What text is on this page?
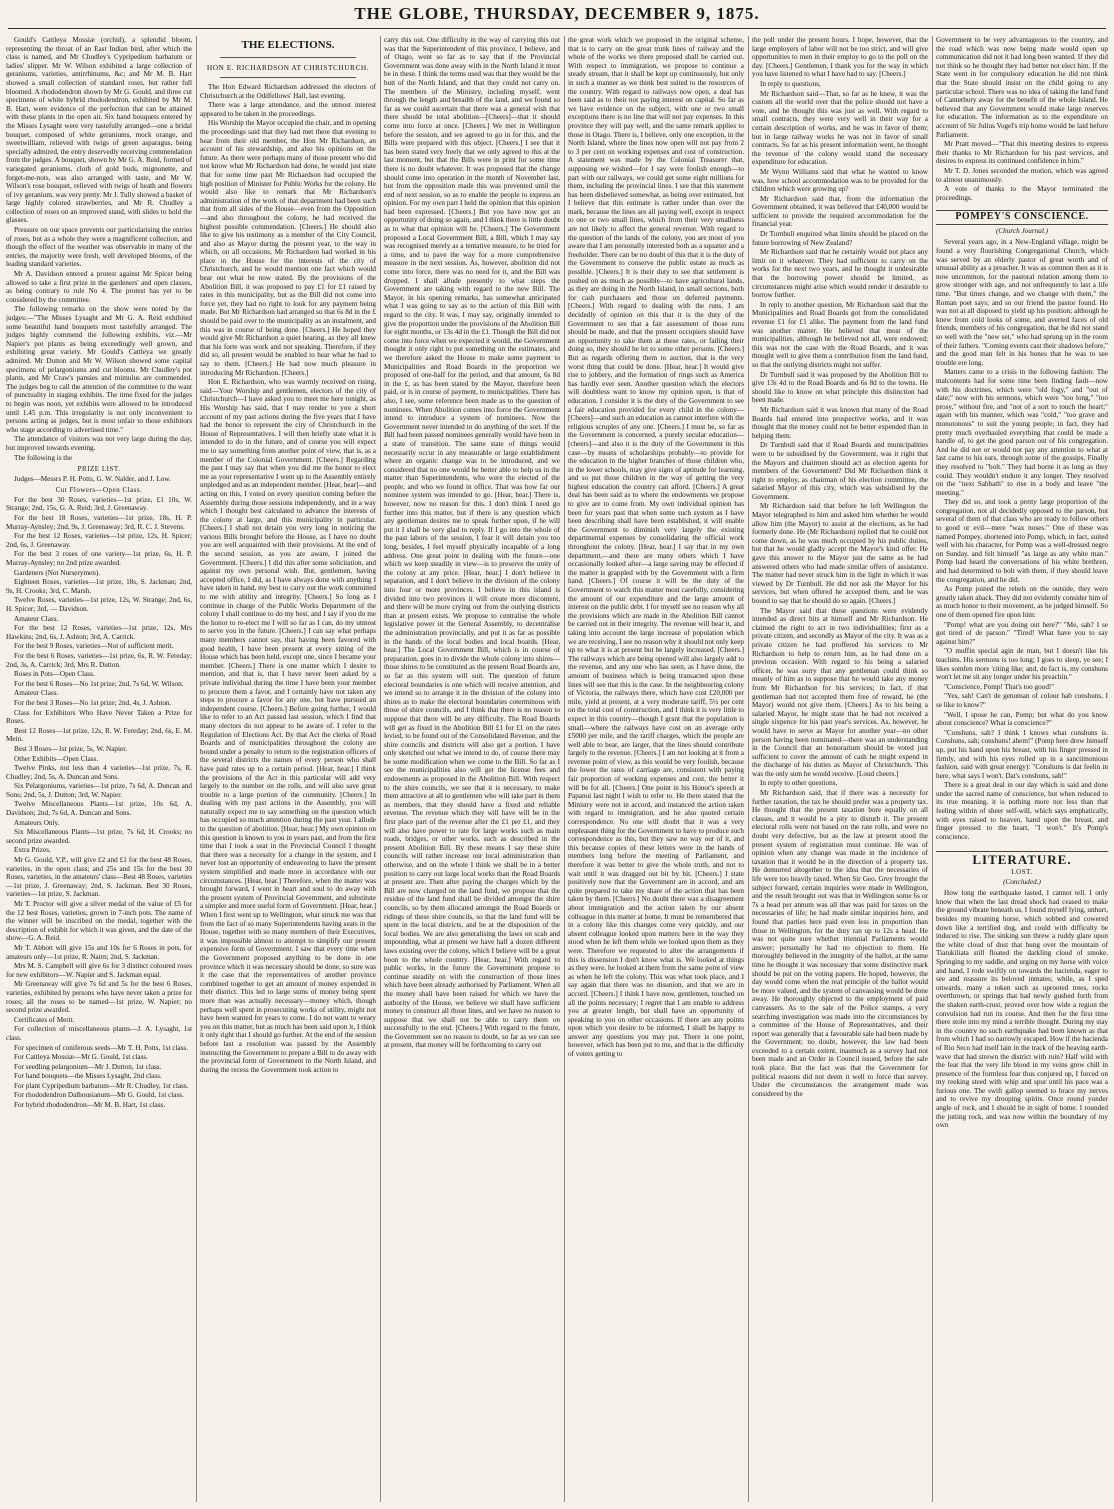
THE GLOBE, THURSDAY, DECEMBER 9, 1875.

Gould's Cattleya Mossiæ (orchid), a splendid bloom, representing the throat of an East Indian bird, after which the class is named, and Mr Chudley's Cypripedium barbatum or ladies' slipper. Mr W. Wilson exhibited a large collection of geraniums, varieties, antirrhinums, &c; and Mr M. B. Hart showed a small collection of standard roses, but rather full bloomed. A rhododendron shown by Mr G. Gould, and three cut specimens of white hybrid rhododendron, exhibited by Mr M. B. Hart, were evidence of the perfection that can be attained with these plants in the open air. Six hand bouquets entered by the Misses Lysaght were very tastefully arranged—one a bridal bouquet, composed of white geraniums, mock orange, and sweetwilliam, relieved with twigs of green asparagus, being specially admired, the entry deservedly receiving commendation from the judges. A bouquet, shown by Mr G. A. Reid, formed of variegated geraniums, cloth of gold buds, mignonette, and forget-me-nots, was also arranged with taste, and Mr W. Wilson's rose bouquet, relieved with twigs of heath and flowers of ivy geranium, was very pretty. Mr J. Tully showed a basket of large highly colored strawberries, and Mr R. Chudley a collection of roses on an improved stand, with slides to hold the glasses.

Pressure on our space prevents our particularising the entries of roses, but as a whole they were a magnificent collection, and though the effect of the weather was observable in many of the entries, the majority were fresh, well developed blooms, of the leading standard varieties.

Mr A. Davidson entered a protest against Mr Spicer being allowed to take a first prize in the gardeners' and open classes, as being contrary to rule No 4. The protest has yet to be considered by the committee.

The following remarks on the show were noted by the judges:—"The Misses Lysaght and Mr G. A. Reid exhibited some beautiful hand bouquets most tastefully arranged. The judges highly commend the following exhibits, viz.—Mr Napier's pot plants as being exceedingly well grown, and exhibiting great variety. Mr Gould's Cattleya we greatly admired. Mr Dutton and Mr W. Wilson showed some capital specimens of pelargoniums and cut blooms. Mr Chudley's pot plants, and Mr Craw's pansies and mimulus are commended. The judges beg to call the attention of the committee to the want of punctuality in staging exhibits. The time fixed for the judges to begin was noon, yet exhibits were allowed to be introduced until 1.45 p.m. This irregularity is not only inconvenient to persons acting as judges, but is most unfair to those exhibitors who stage according to advertised time."

The attendance of visitors was not very large during the day, but improved towards evening.

The following is the

PRIZE LIST.

Judges—Messrs P. H. Potts, G. W. Nalder, and J. Low.

Cut Flowers—Open Class.

For the best 30 Roses, varieties—1st prize, £1 10s, W. Strange; 2nd, 15s, G. A. Reid; 3rd, J. Greenaway.

For the best 18 Roses, varieties—1st prize, 18s, H. P. Murray-Aynsley; 2nd, 9s, J. Greenaway; 3rd, R. C. J. Stevens.

For the best 12 Roses, varieties—1st prize, 12s, H. Spicer; 2nd, 6s, J. Greenaway.

For the best 3 roses of one variety—1st prize, 6s, H. P. Murray-Aynsley; no 2nd prize awarded.

Gardeners (Not Nurserymen).

Eighteen Roses, varieties—1st prize, 18s, S. Jackman; 2nd, 9s, H. Crooks; 3rd, C. Marsh.

Twelve Roses, varieties—1st prize, 12s, W. Strange; 2nd, 6s, H. Spicer; 3rd, — Davidson.

Amateur Class.

For the best 12 Roses, varieties—1st prize, 12s, Mrs Hawkins; 2nd, 6s, J. Ashton; 3rd, A. Carrick.

For the best 9 Roses, varieties—Not of sufficient merit.

For the best 6 Roses, varieties—1st prize, 6s, R. W. Fereday; 2nd, 3s, A. Carrick; 3rd, Mrs R. Dutton.

Roses in Pots—Open Class.

For the best 6 Roses—No 1st prize; 2nd, 7s 6d, W. Wilson.

Amateur Class.

For the best 3 Roses—No 1st prize; 2nd, 4s, J. Ashton.

Class for Exhibitors Who Have Never Taken a Prize for Roses.

Best 12 Roses—1st prize, 12s, R. W. Fereday; 2nd, 6s, E. M. Mein.

Best 3 Roses—1st prize, 5s, W. Napier.

Other Exhibits—Open Class.

Twelve Pinks, not less than 4 varieties—1st prize, 7s, R. Chudley; 2nd, 5s, A. Duncan and Sons.

Six Pelargoniums, varieties—1st prize, 7s 6d, A. Duncan and Sons; 2nd, 5s, J. Dutton; 3rd, W. Napier.

Twelve Miscellaneous Plants—1st prize, 10s 6d, A. Davidson; 2nd, 7s 6d, A. Duncan and Sons.

Amateurs Only.

Six Miscellaneous Plants—1st prize, 7s 6d, H. Crooks; no second prize awarded.

Extra Prizes.

Mr G. Gould, V.P., will give £2 and £1 for the best 48 Roses, varieties, in the open class; and 25s and 15s for the best 30 Roses, varieties, in the amateurs' class—Best 48 Roses, varieties—1st prize, J. Greenaway; 2nd, S. Jackman. Best 30 Roses, varieties—1st prize, S. Jackman.

Mr T. Proctor will give a silver medal of the value of £5 for the 12 best Roses, varieties, grown in 7-inch pots. The name of the winner will be inscribed on the medal, together with the description of exhibit for which it was given, and the date of the show—G. A. Reid.

Mr T. Abbott will give 15s and 10s for 6 Roses in pots, for amateurs only—1st prize, R. Nairn; 2nd, S. Jackman.

Mrs M. S. Campbell will give 6s for 3 distinct coloured roses for new exhibitors—W. Napier and S. Jackman equal.

Mr Greenaway will give 7s 6d and 5s for the best 6 Roses, varieties, exhibited by persons who have never taken a prize for roses; all the roses to be named—1st prize, W. Napier; no second prize awarded.

Certificates of Merit.

For collection of miscellaneous plants—J. A. Lysaght, 1st class.

For specimen of coniferous seeds—Mr T. H. Potts, 1st class.

For Cattleya Mossiæ—Mr G. Gould, 1st class.

For seedling pelargonium—Mr J. Dutton, 1st class.

For hand bouquets—the Misses Lysaght, 2nd class.

For plant Cypripedium barbatum—Mr R. Chudley, 1st class.

For rhododendron Dalhousianum—Mr G. Gould, 1st class.

For hybrid rhododendron—Mr M. B. Hart, 1st class.

THE ELECTIONS.
HON E. RICHARDSON AT CHRISTCHURCH.

The Hon Edward Richardson addressed the electors of Christchurch at the Oddfellows' Hall, last evening.

There was a large attendance, and the utmost interest appeared to be taken in the proceedings.

His Worship the Mayor occupied the chair, and in opening the proceedings said that they had met there that evening to hear from their old member, the Hon Mr Richardson, an account of his stewardship, and also his opinions on the future. As there were perhaps many of those present who did not know what Mr Richardson had done, he would just state that for some time past Mr Richardson had occupied the high position of Minister for Public Works for the colony. He would also like to remark that Mr Richardson's administration of the work of that department had been such that from all sides of the House—even from the Opposition—and also throughout the colony, he had received the highest possible commendation. [Cheers.] He should also like to give his testimony as a member of the City Council, and also as Mayor during the present year, to the way in which, on all occasions, Mr Richardson had worked in his place in the House for the interests of the city of Christchurch, and he would mention one fact which would bear out what he now stated. By the provisions of the Abolition Bill, it was proposed to pay £1 for £1 raised by rates in this municipality, but as the Bill did not come into force yet, they had no right to look for any payment being made. But Mr Richardson had arranged so that 6s 8d in the £ should be paid over to the municipality as an instalment, and this was in course of being done. [Cheers.] He hoped they would give Mr Richardson a quiet hearing, as they all knew that his forte was work and not speaking. Therefore, if they did so, all present would be enabled to hear what he had to say to them. [Cheers.] He had now much pleasure in introducing Mr Richardson. [Cheers.]

Hon E. Richardson, who was warmly received on rising, said—Your Worship and gentlemen, electors of the city of Christchurch—I have asked you to meet me here tonight, as His Worship has said, that I may render to you a short account of my past actions during the five years that I have had the honor to represent the city of Christchurch in the House of Representatives. I will then briefly state what it is intended to do in the future, and of course you will expect me to say something from another point of view, that is, as a member of the Colonial Government. [Cheers.] Regarding the past I may say that when you did me the honor to elect me as your representative I went up to the Assembly entirely unpledged and as an independent member. [Hear, hear]—and acting on this, I voted on every question coming before the Assembly during those sessions independently, and in a way which I thought best calculated to advance the interests of the colony at large, and this municipality in particular. [Cheers.] I shall not detain you very long in noticing the various Bills brought before the House, as I have no doubt you are well acquainted with their provisions. At the end of the second session, as you are aware, I joined the Government. [Cheers.] I did this after some solicitation, and against my own personal wish. But, gentlemen, having accepted office, I did, as I have always done with anything I have taken in hand, my best to carry out the work committed to me with ability and integrity. [Cheers.] So long as I continue in charge of the Public Works Department of the colony I shall continue to do my best, and I say if you do me the honor to re-elect me I will so far as I can, do my utmost to serve you in the future. [Cheers.] I can say what perhaps many members cannot say, that having been favored with good health, I have been present at every sitting of the House which has been held, except one, since I became your member. [Cheers.] There is one matter which I desire to mention, and that is, that I have never been asked by a private individual during the time I have been your member to procure them a favor, and I certainly have not taken any steps to procure a favor for any one, but have pursued an independent course. [Cheers.] Before going further, I would like to refer to an Act passed last session, which I find that many electors do not appear to be aware of. I refer to the Regulation of Elections Act. By that Act the clerks of Road Boards and of municipalities throughout the colony are bound under a penalty to return to the registration officers of the several districts the names of every person who shall have paid rates up to a certain period. [Hear, hear.] I think the provisions of the Act in this particular will add very largely to the number on the rolls, and will also save great trouble to a large portion of the community. [Cheers.] In dealing with my past actions in the Assembly, you will naturally expect me to say something on the question which has occupied so much attention during the past year. I allude to the question of abolition. [Hear, hear.] My own opinion on this question is known to you in years past, and from the first time that I took a seat in the Provincial Council I thought that there was a necessity for a change in the system, and I never lost an opportunity of endeavoring to have the present system simplified and made more in accordance with our circumstances. [Hear, hear.] Therefore, when the matter was brought forward, I went in heart and soul to do away with the present system of Provincial Government, and substitute a simpler and more useful form of Government. [Hear, hear.] When I first went up to Wellington, what struck me was that from the fact of so many Superintendents having seats in the House, together with so many members of their Executives, it was impossible almost to attempt to simplify our present expensive form of Government. I saw that every time when the Government proposed anything to be done in one province which it was necessary should be done, so sure was it the case that the representatives of another province combined together to get an amount of money expended in their district. This led to large sums of money being spent more than was actually necessary—money which, though perhaps well spent in prosecuting works of utility, might not have been wanted for years to come. I do not want to weary you on this matter, but as much has been said upon it, I think it only right that I should go further. At the end of the session before last a resolution was passed by the Assembly instructing the Government to prepare a Bill to do away with the provincial form of Government in the North Island, and during the recess the Government took action to

carry this out. One difficulty in the way of carrying this out was that the Superintendent of this province, I believe, and of Otago, went so far as to say that if the Provincial Government was done away with in the North Island it must be in these. I think the terms used was that they would be the butt of the North Island, and that they could not carry on. The members of the Ministry, including myself, went through the length and breadth of the land, and we found so far as we could ascertain that there was a general wish that there should be total abolition—[Cheers]—that it should come into force at once. [Cheers.] We met in Wellington before the session, and we agreed to go in for this, and the Bills were prepared with this object. [Cheers.] I see that it has been stated very freely that we only agreed to this at the last moment, but that the Bills were in print for some time there is no doubt whatever. It was proposed that the change should come into operation in the month of November last, but from the opposition made this was prevented until the end of next session, so as to enable the people to express an opinion. For my own part I held the opinion that this opinion had been expressed. [Cheers.] But you have now got an opportunity of doing so again, and I think there is little doubt as to what that opinion will be. [Cheers.] The Government proposed a Local Government Bill, a Bill, which I may say was recognised merely as a tentative measure, to be tried for a time, and to pave the way for a more comprehensive measure in the next session. As, however, abolition did not come into force, there was no need for it, and the Bill was dropped. I shall allude presently to what steps the Government are taking with regard to the new Bill. The Mayor, in his opening remarks, has somewhat anticipated what I was going to say as to the action of this Bill with regard to the city. It was, I may say, originally intended to give the proportion under the provisions of the Abolition Bill for eight months, or 13s 4d in the £1. Though the Bill did not come into force when we expected it would, the Government thought it only right to put something on the estimates, and we therefore asked the House to make some payment to Municipalities and Road Boards in the proportion we proposed of one-half for the period, and that amount, 6s 8d in the £, as has been stated by the Mayor, therefore been paid, or is in course of payment, to municipalities. There has also, I see, some reference been made as to the question of nominees. When Abolition comes into force the Government intend to introduce a system of nominees. Now the Government never intended to do anything of the sort. If the Bill had been passed nominees generally would have been in a state of transition. The same state of things would necessarily occur in any measurable or large establishment where an organic change was to be introduced, and we considered that no one would be better able to help us in the matter than Superintendents, who were the elected of the people, and who we found in office. That was how far our nominee system was intended to go. [Hear, hear.] There is, however, now no reason for this. I don't think I need go further into this matter, but if there is any question which any gentleman desires me to speak further upon, if he will put it I shall be very glad to reply. If I go into the whole of the past labors of the session, I fear it will detain you too long, besides, I feel myself physically incapable of a long address. One great point in dealing with the future—one which we keep steadily in view—is to preserve the unity of the colony at any price. [Hear, hear.] I don't believe in separation, and I don't believe in the division of the colony into four or more provinces. I believe in this island is divided into two provinces it will create more discontent, and there will be more crying out from the outlying districts than at present exists. We propose to centralise the whole legislative power in the General Assembly, to decentralise the administration provincially, and put it as far as possible in the hands of the local bodies and local boards. [Hear, hear.] The Local Government Bill, which is in course of preparation, goes in to divide the whole colony into shires—those shires to be constituted as the present Road Boards are, so far as this system will suit. The question of future electoral boundaries is one which will receive attention, and we intend so to arrange it in the division of the colony into shires as to make the electoral boundaries coterminous with those of shire councils, and I think that there is no reason to suppose that there will be any difficulty. The Road Boards will get as fixed in the Abolition Bill £1 for £1 on the rates levied, to be found out of the Consolidated Revenue, and the shire councils and districts will also get a portion. I have only sketched out what we intend to do, of course there may be some modification when we come to the Bill. So far as I see the municipalities also will get the license fees and endowments as proposed in the Abolition Bill. With respect to the shire councils, we see that it is necessary, to make them attractive at all to gentlemen who will take part in them as members, that they should have a fixed and reliable revenue. The revenue which they will have will be in the first place part of the revenue after the £1 per £1, and they will also have power to rate for large works such as main roads, bridges, or other works, such as described in the present Abolition Bill. By these means I say these shire councils will rather increase our local administration than otherwise, and on the whole I think we shall be in a better position to carry out large local works than the Road Boards at present are. Then after paying the charges which by the Bill are now charged on the land fund, we propose that the residue of the land fund shall be divided amongst the shire councils, so by them allocated amongst the Road Boards or ridings of these shire councils, so that the land fund will be spent in the local districts, and be at the disposition of the local bodies. We are also generalising the laws on scab and impounding, what at present we have half a dozen different laws existing over the colony, which I believe will be a great boon to the whole country. [Hear, hear.] With regard to public works, in the future the Government propose to continue steadily on with the construction of those lines which have been already authorised by Parliament. When all the money shall have been raised for which we have the authority of the House, we believe we shall have sufficient money to construct all those lines, and we have no reason to suppose that we shall not be able to carry them on successfully to the end. [Cheers.] With regard to the future, the Government see no reason to doubt, so far as we can see at present, that money will be forthcoming to carry out

the great work which we proposed in the original scheme, that is to carry on the great trunk lines of railway and the whole of the works we there proposed shall be carried out. With respect to immigration, we propose to continue a steady stream, that it shall be kept up continuously, but only in such a manner as we think best suited to the resources of the country. With regard to railways now open, a deal has been said as to their not paying interest on capital. So far as we have evidence on the subject, with one or two small exceptions there is no line that will not pay expenses. In this province they will pay well, and the same remark applies to those in Otago. There is, I believe, only one exception, in the North Island, where the lines now open will not pay from 2 to 3 per cent on working expenses and cost of construction. A statement was made by the Colonial Treasurer that, supposing we wished—for I say were foolish enough—to part with our railways, we could get some eight millions for them, including the provincial lines. I see that this statement has been disbelieved somewhat, as being over estimated, but I believe that this estimate is rather under than over the mark, because the lines are all paying well, except in respect to one or two small lines, which from their very smallness are not likely to affect the general revenue. With regard to the question of the lands of the colony, you are most of you aware that I am personally interested both as a squatter and a freeholder. There can be no doubt of this that it is the duty of the Government to conserve the public estate as much as possible. [Cheers.] It is their duty to see that settlement is pushed on as much as possible—to have agricultural lands, as they are doing in the North Island, in small sections, both for cash purchasers and those on deferred payments. [Cheers.] With regard to dealing with the runs, I am decidedly of opinion on this that it is the duty of the Government to see that a fair assessment of those runs should be made, and that the present occupiers should have an opportunity to take them at these rates, or failing their doing so, they should be let to some other persons. [Cheers.] But as regards offering them to auction, that is the very worst thing that could be done. [Hear, hear.] It would give rise to jobbery, and the formation of rings such as America has hardly ever seen. Another question which the electors will doubtless want to know my opinion upon, is that of education. I consider it is the duty of the Government to see a fair education provided for every child in the colony—[Cheers]—and such an education as cannot interfere with the religious scruples of any one. [Cheers.] I must be, so far as the Government is concerned, a purely secular education—[cheers]—and also it is the duty of the Government in this case—by means of scholarships probably—to provide for the education in the higher branches of those children who, in the lower schools, may give signs of aptitude for learning, and so put those children in the way of getting the very highest education the country can afford. [Cheers.] A great deal has been said as to where the endowments we propose to give are to come from. My own individual opinion has been for years past that when some such system as I have been describing shall have been established, it will enable the Government to diminish very largely the existing departmental expenses by consolidating the official work throughout the colony. [Hear, hear.] I say that in my own department,—and there are many others which I have occasionally looked after—a large saving may be effected if the matter is grappled with by the Government with a firm hand. [Cheers.] Of course it will be the duty of the Government to watch this matter most carefully, considering the amount of our expenditure and the large amount of interest on the public debt. I for myself see no reason why all the provisions which are made in the Abolition Bill cannot be carried out in their integrity. The revenue will bear it, and taking into account the large increase of population which we are receiving, I see no reason why it should not only keep up to what it is at present but be largely increased. [Cheers.] The railways which are being opened will also largely add to the revenue, and any one who has seen, as I have done, the amount of business which is being transacted upon these lines will see that this is the case. In the neighbouring colony of Victoria, the railways there, which have cost £20,000 per mile, yield at present, at a very moderate tariff, 5½ per cent on the total cost of construction, and I think it is very little to expect in this country—though I grant that the population is small—where the railways have cost on an average only £5000 per mile, and the tariff charges, which the people are well able to bear, are larger, that the lines should contribute largely to the revenue. [Cheers.] I am not looking at it from a revenue point of view, as this would be very foolish, because the lower the rates of carriage are, consistent with paying fair proportion of working expenses and cost, the better it will be for all. [Cheers.] One point in his Honor's speech at Papanui last night I wish to refer to. He there stated that the Ministry were not in accord, and instanced the action taken with regard to immigration, and he also quoted certain correspondence. No one will doubt that it was a very unpleasant thing for the Government to have to produce such correspondence as this, but they saw no way out of it, and this because copies of these letters were in the hands of members long before the meeting of Parliament, and therefore it was better to give the whole truth, and not to wait until it was dragged out bit by bit. [Cheers.] I state positively now that the Government are in accord, and am quite prepared to take my share of the action that has been taken by them. [Cheers.] No doubt there was a disagreement about immigration and the action taken by our absent colleague in this matter at home. It must be remembered that in a colony like this changes come very quickly, and our absent colleague looked upon matters here in the way they stood when he left them while we looked upon them as they were. Therefore we requested to alter the arrangements if this is dissension I don't know what is. We looked at things as they were, he looked at them from the same point of view as when he left the colony. This was what took place, and I say again that there was no disunion, and that we are in accord. [Cheers.] I think I have now, gentlemen, touched on all the points necessary; I regret that I am unable to address you at greater length, but shall have an opportunity of speaking to you on other occasions. If there are any points upon which you desire to be informed, I shall be happy to answer any questions you may put. There is one point, however, which has been put to me, and that is the difficulty of voters getting to

the poll under the present hours. I hope, however, that the large employers of labor will not be too strict, and will give opportunities to men in their employ to go to the poll on the day. [Cheers.] Gentlemen, I thank you for the way in which you have listened to what I have had to say. [Cheers.]

In reply to questions,

Mr Richardson said—That, so far as he knew, it was the custom all the world over that the police should not have a vote, and he thought this was just as well. With regard to small contracts, they were very well in their way for a certain description of works, and he was in favor of them; but in large railway works he was not in favor of small contracts. So far as his present information went, he thought the revenue of the colony would stand the necessary expenditure for education.

Mr Wynn Williams said that what he wanted to know was, how school accommodation was to be provided for the children which were growing up?

Mr Richardson said that, from the information the Government obtained, it was believed that £40,000 would be sufficient to provide the required accommodation for the financial year.

Dr Turnbull enquired what limits should be placed on the future borrowing of New Zealand?

Mr Richardson said that he certainly would not place any limit on it whatever. They had sufficient to carry on the works for the next two years, and he thought it undesirable that the borrowing power should be limited, as circumstances might arise which would render it desirable to borrow further.

In reply to another question, Mr Richardson said that the Municipalities and Road Boards got from the consolidated revenue £1 for £1 alike. The payment from the land fund was another matter. He believed that most of the municipalities, although he believed not all, were endowed; this was not the case with the Road Boards, and it was thought well to give them a contribution from the land fund, so that the outlying districts might not suffer.

Dr Turnbull said it was proposed by the Abolition Bill to give 13s 4d to the Road Boards and 6s 8d to the towns. He should like to know on what principle this distinction had been made.

Mr Richardson said it was known that many of the Road Boards had entered into prospective works, and it was thought that the money could not be better expended than in helping them.

Dr Turnbull said that if Road Boards and municipalities were to be subsidised by the Government, was it right that the Mayors and chairmen should act as election agents for members of the Government? Did Mr Richardson think it right to employ, as chairman of his election committee, the salaried Mayor of this city, which was subsidised by the Government.

Mr Richardson said that before he left Wellington the Mayor telegraphed to him and asked him whether he would allow him (the Mayor) to assist at the elections, as he had formerly done. He (Mr Richardson) replied that he could not come down, as he was much occupied by his public duties, but that he would gladly accept the Mayor's kind offer. He gave this answer to the Mayor just the same as he had answered others who had made similar offers of assistance. The matter had never struck him in the light in which it was viewed by Dr Turnbull. He did not ask the Mayor for his services, but when offered he accepted them, and he was bound to say that he should do so again. [Cheers.]

The Mayor said that these questions were evidently intended as direct hits at himself and Mr Richardson. He claimed the right to act in two individualities; first as a private citizen, and secondly as Mayor of the city. It was as a private citizen he had proffered his services to Mr Richardson to help to return him, as he had done on a previous occasion. With regard to his being a salaried officer, he was sorry that any gentleman could think so meanly of him as to suppose that he would take any money from Mr Richardson for his services; in fact, if that gentleman had not accepted them free of reward, he (the Mayor) would not give them. [Cheers.] As to his being a salaried Mayor, he might state that he had not received a single sixpence for his past year's services. As, however, he would have to serve as Mayor for another year—no other person having been nominated—there was an understanding in the Council that an honorarium should be voted just sufficient to cover the amount of cash he might expend in the discharge of his duties as Mayor of Christchurch. This was the only sum he would receive. [Loud cheers.]

In reply to other questions,

Mr Richardson said, that if there was a necessity for further taxation, the tax he should prefer was a property tax. He thought that the present taxation bore equally on all classes, and it would be a pity to disturb it. The present electoral rolls were not based on the rate rolls, and were no doubt very defective, but as the law at present stood the present system of registration must continue. He was of opinion when any change was made in the incidence of taxation that it would be in the direction of a property tax. He demurred altogether to the idea that the necessaries of life were too heavily taxed. When Sir Geo. Grey brought the subject forward, certain inquiries were made in Wellington, and the result brought out was that in Wellington some 6s or 7s a head per annum was all that was paid for taxes on the necessaries of life; he had made similar inquiries here, and found that parties here paid even less in proportion than those in Wellington, for the duty ran up to 12s a head. He was not quite sure whether triennial Parliaments would answer; personally he had no objection to them. He thoroughly believed in the integrity of the ballot, at the same time he thought it was necessary that some distinctive mark should be put on the voting papers. He hoped, however, the day would come when the real principle of the ballot would be more valued, and the system of canvassing would be done away. He thoroughly objected to the employment of paid canvassers. As to the sale of the Police stamps, a very searching investigation was made into the circumstances by a committee of the House of Representatives, and their report was generally that a favourable sale had been made by the Government; no doubt, however, the law had been exceeded to a certain extent, inasmuch as a survey had not been made and an Order in Council issued, before the sale took place. But the fact was that the Government for political reasons did not deem it well to force that survey. Under the circumstances the arrangement made was considered by the

Government to be very advantageous to the country, and the road which was now being made would open up communication did not it had long been wanted. If they did not think so he thought they had better not elect him. If the State went in for compulsory education he did not think that the State should insist on the child going to any particular school. There was no idea of taking the land fund of Canterbury away for the benefit of the whole Island. He believed that any Government would make large reserves for education. The information as to the expenditure on account of Sir Julius Vogel's trip home would be laid before Parliament.

Mr Pratt moved—"That this meeting desires to express their thanks to Mr Richardson for his past services, and desires to express its continued confidence in him."

Mr T. D. Jones seconded the motion, which was agreed to almost unanimously.

A vote of thanks to the Mayor terminated the proceedings.

POMPEY'S CONSCIENCE.
(Church Journal.)

Several years ago, in a New-England village, might be found a very flourishing Congregational Church, which was served by an elderly pastor of great worth and of unusual ability as a preacher. It was as common then as it is now uncommon, for the pastoral relation among them to grow stronger with age, and not unfrequently to last a life time. "But times change, and we change with them," the Roman poet says; and so our friend the pastor found. He was not at all disposed to yield up his position; although he knew from cold looks of some, and averted faces of old friends, members of his congregation, that he did not stand so well with the "new set," who had sprung up in the room of their fathers. "Coming events cast their shadows before," and the good man felt in his bones that he was to see trouble ere long.

Matters came to a crisis in the following fashion: The malcontents had for some time been finding fault—now with his doctrines, which were "old fogy," and "out of date;" now with his sermons, which were "too long," "too prosy," without fire, and "not of a sort to touch the heart;" again with his manner, which was "cold," "too grave and monotonous" to suit the young people; in fact, they had pretty much overhauled everything that could be made a handle of, to get the good parson out of his congregation. And he did not or would not pay any attention to what at last came to his ears, through some of the gossips. Finally they resolved to "bolt." They had borne it as long as they could. They wouldn't endure it any longer. They resolved on the "next Sabbath" to rise in a body and leave "the meeting."

They did so, and took a pretty large proportion of the congregation, not all decidedly opposed to the parson, but several of them of that class who are ready to follow others to good or evil—mere "wax noses." One of these was named Pompey, shortened into Pomp, which, in fact, suited well with his character, for Pomp was a well-dressed negro on Sunday, and felt himself "as large as any white man." Pomp had heard the conversations of his white brethren, and had determined to bolt with them, if they should leave the congregation, and he did.

As Pomp joined the rebels on the outside, they were greatly taken aback. They did not evidently consider him of as much honor to their movement, as he judged himself. So one of them opened fire upon him:

"Pomp! what are you doing out here?" "Me, sah? I se got tired of de parson." "Tired! What have you to say against him?"

"O muffin special agin de man, but I doesn't like his teachins. His sermons is too long; I goes to sleep, ye see; I likes somfen more 'citing like; and, de fact is, my conshuns won't let me sit any longer under his preachin."

"Conscience, Pomp! That's too good!"

"Yes, sah! Can't de genuman of colour hab conshuns, I se like to know?"

"Well, I spose he can, Pomp; but what do you know about conscience? What is conscience?"

"Conshuns, sah? I think I knows what conshuns is. Conshuns, sah; conshuns! ahem!" (Pomp here drew himself up, put his hand upon his breast, with his finger pressed in firmly, and with his eyes rolled up in a sanctimonious fashion, said with great energy): "Conshuns is dat feelin in here, what says I won't. Dat's conshuns, sah!"

There is a great deal in our day which is said and done under the sacred name of conscience, but when reduced to its true meaning, it is nothing more nor less than that feeling within of sheer self-will, which says emphatically, with eyes raised to heaven, hand upon the breast, and finger pressed to the heart, "I won't." It's Pomp's conscience.

LITERATURE.
LOST.
(Concluded.)

How long the earthquake lasted, I cannot tell. I only know that when the last dread shock had ceased to make the ground vibrate beneath us, I found myself lying, unhurt, besides my moaning horse, which sobbed and cowered down like a terrified dog, and could with difficulty be induced to rise. The sinking sun threw a ruddy glare upon the white cloud of dust that hung over the mountain of Tiatukiliata still floated the darkling cloud of smoke. Springing to my saddle, and urging on my horse with voice and hand, I rode swiftly on towards the hacienda, eager to see and reassure its beloved inmates; while, as I sped onwards, many a token such as uprooted trees, rocks overthrown, or springs that had newly gushed forth from the shaken earth-crust, proved over how wide a region the convulsion had run its course. And then for the first time there stole into my mind a terrible thought. During my stay in the country no such earthquake had been known as that from which I had so narrowly escaped. How if the hacienda of Rio Seco had itself lain in the track of the heaving earth-wave that had strewn the district with ruin? Half wild with the fear that the very life blood in my veins grew chill in presence of the formless fear thus conjured up, I forced on my reeking steed with whip and spur until his pace was a furious one. The swift gallop seemed to brace my nerves and to revive my drooping spirits. Once round yonder angle of rock, and I should be in sight of home. I rounded the jutting rock, and was now within the boundary of my own
